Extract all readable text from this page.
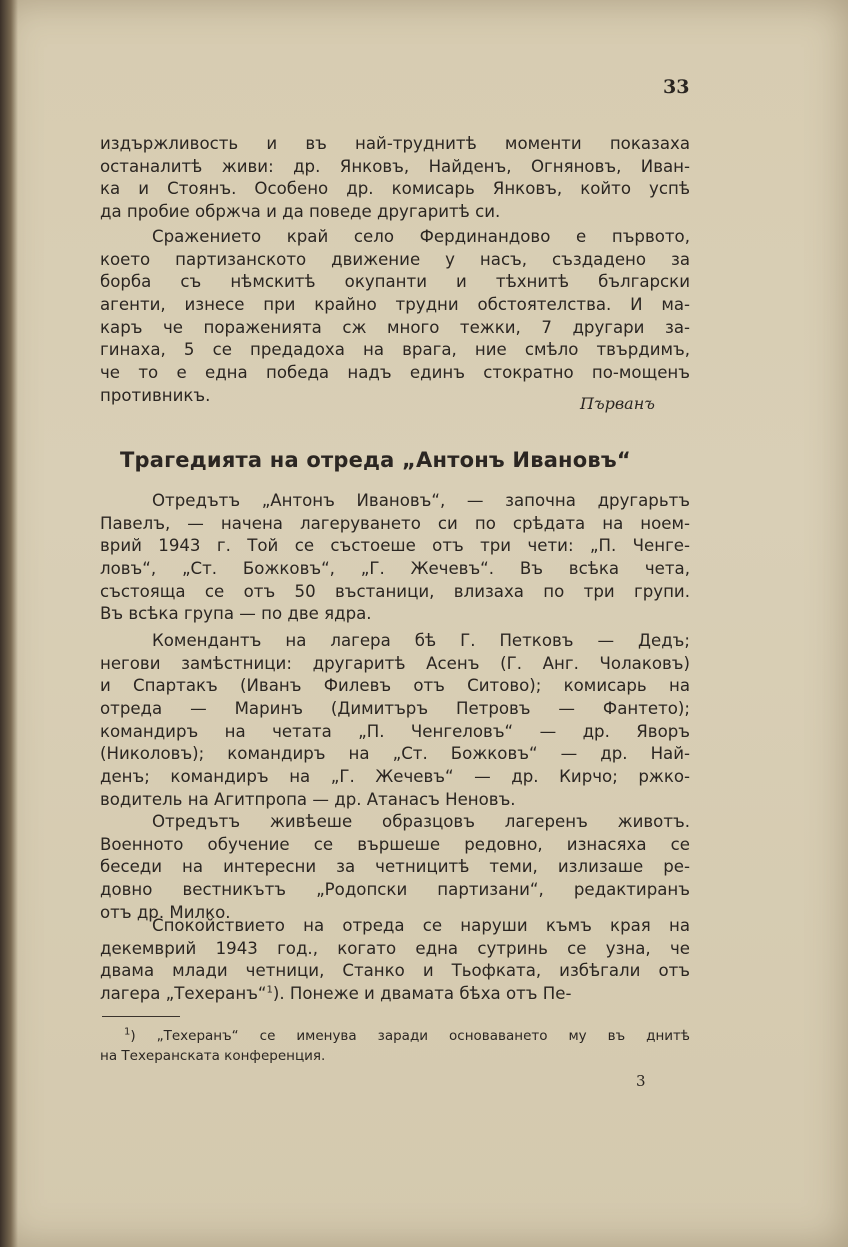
33
издържливость и въ най-труднитѣ моменти показаха
останалитѣ живи: др. Янковъ, Найденъ, Огняновъ, Иван-
ка и Стоянъ. Особено др. комисарь Янковъ, който успѣ
да пробие обржча и да поведе другаритѣ си.
Сражението край село Фердинандово е първото,
което партизанското движение у насъ, създадено за
борба съ нѣмскитѣ окупанти и тѣхнитѣ български
агенти, изнесе при крайно трудни обстоятелства. И ма-
каръ че пораженията сж много тежки, 7 другари за-
гинаха, 5 се предадоха на врага, ние смѣло твърдимъ,
че то е една победа надъ единъ стократно по-мощенъ
противникъ.	Първанъ
Трагедията на отреда „Антонъ Ивановъ“
Отредътъ „Антонъ Ивановъ“, — започна другарьтъ
Павелъ, — начена лагеруването си по срѣдата на ноем-
врий 1943 г. Той се състоеше отъ три чети: „П. Ченге-
ловъ“, „Ст. Божковъ“, „Г. Жечевъ“. Въ всѣка чета,
състояща се отъ 50 въстаници, влизаха по три групи.
Въ всѣка група — по две ядра.
Комендантъ на лагера бѣ Г. Петковъ — Дедъ;
негови замѣстници: другаритѣ Асенъ (Г. Анг. Чолаковъ)
и Спартакъ (Иванъ Филевъ отъ Ситово); комисарь на
отреда — Маринъ (Димитъръ Петровъ — Фантето);
командиръ на четата „П. Ченгеловъ“ — др. Яворъ
(Николовъ); командиръ на „Ст. Божковъ“ — др. Най-
денъ; командиръ на „Г. Жечевъ“ — др. Кирчо; ржко-
водитель на Агитпропа — др. Атанасъ Неновъ.
Отредътъ живѣеше образцовъ лагеренъ животъ.
Военното обучение се вършеше редовно, изнасяха се
беседи на интересни за четницитѣ теми, излизаше ре-
довно вестникътъ „Родопски партизани“, редактиранъ
отъ др. Милко.
Спокойствието на отреда се наруши къмъ края на
декемврий 1943 год., когато една сутринь се узна, че
двама млади четници, Станко и Тьофката, избѣгали отъ
лагера „Техеранъ“$^1$). Понеже и двамата бѣха отъ Пе-
$^1$) „Техеранъ“ се именува заради основаването му въ днитѣ
на Техеранската конференция.
3
